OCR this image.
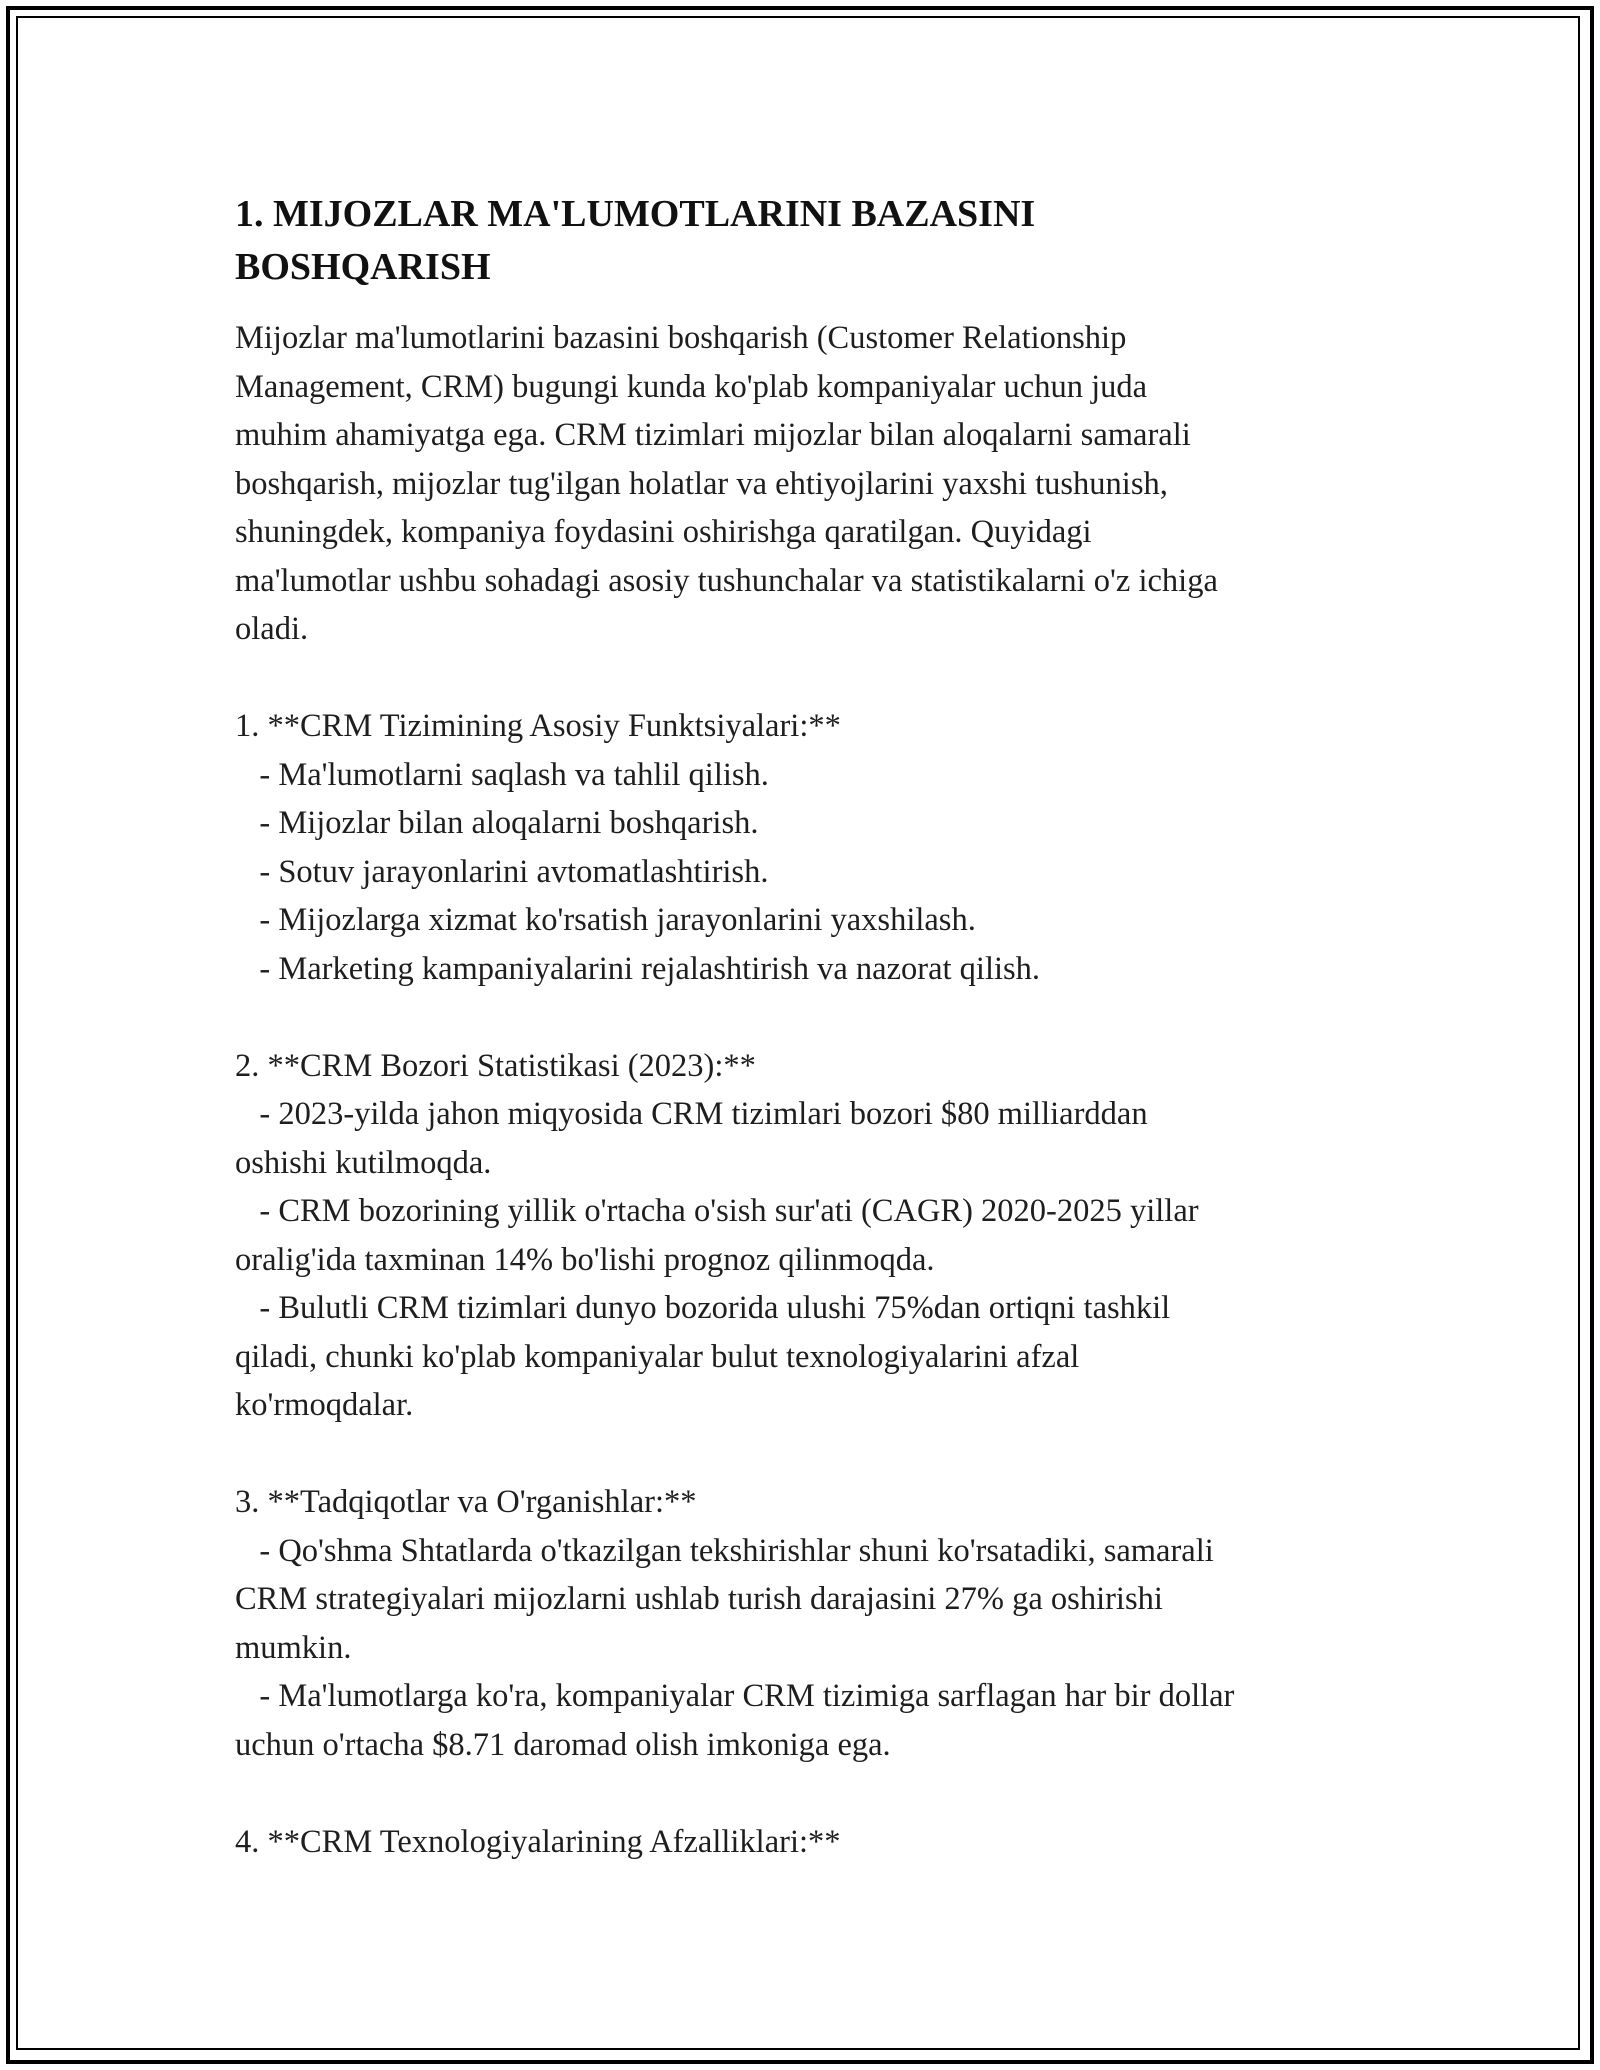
1. MIJOZLAR MA'LUMOTLARINI BAZASINI
BOSHQARISH

Mijozlar ma'lumotlarini bazasini boshqarish (Customer Relationship
Management, CRM) bugungi kunda ko'plab kompaniyalar uchun juda
muhim ahamiyatga ega. CRM tizimlari mijozlar bilan aloqalarni samarali
boshqarish, mijozlar tug'ilgan holatlar va ehtiyojlarini yaxshi tushunish,
shuningdek, kompaniya foydasini oshirishga qaratilgan. Quyidagi
ma'lumotlar ushbu sohadagi asosiy tushunchalar va statistikalarni o'z ichiga
oladi.

1. **CRM Tizimining Asosiy Funktsiyalari:**
- Ma'lumotlarni saqlash va tahlil qilish.
- Mijozlar bilan aloqalarni boshqarish.
- Sotuv jarayonlarini avtomatlashtirish.
- Mijozlarga xizmat ko'rsatish jarayonlarini yaxshilash.
- Marketing kampaniyalarini rejalashtirish va nazorat qilish.

2. **CRM Bozori Statistikasi (2023):**
- 2023-yilda jahon miqyosida CRM tizimlari bozori $80 milliarddan
oshishi kutilmoqda.
- CRM bozorining yillik o'rtacha o'sish sur'ati (CAGR) 2020-2025 yillar
oralig'ida taxminan 14% bo'lishi prognoz qilinmoqda.
- Bulutli CRM tizimlari dunyo bozorida ulushi 75%dan ortiqni tashkil
qiladi, chunki ko'plab kompaniyalar bulut texnologiyalarini afzal
ko'rmoqdalar.

3. **Tadqiqotlar va O'rganishlar:**
- Qo'shma Shtatlarda o'tkazilgan tekshirishlar shuni ko'rsatadiki, samarali
CRM strategiyalari mijozlarni ushlab turish darajasini 27% ga oshirishi
mumkin.
- Ma'lumotlarga ko'ra, kompaniyalar CRM tizimiga sarflagan har bir dollar
uchun o'rtacha $8.71 daromad olish imkoniga ega.

4. **CRM Texnologiyalarining Afzalliklari:**
